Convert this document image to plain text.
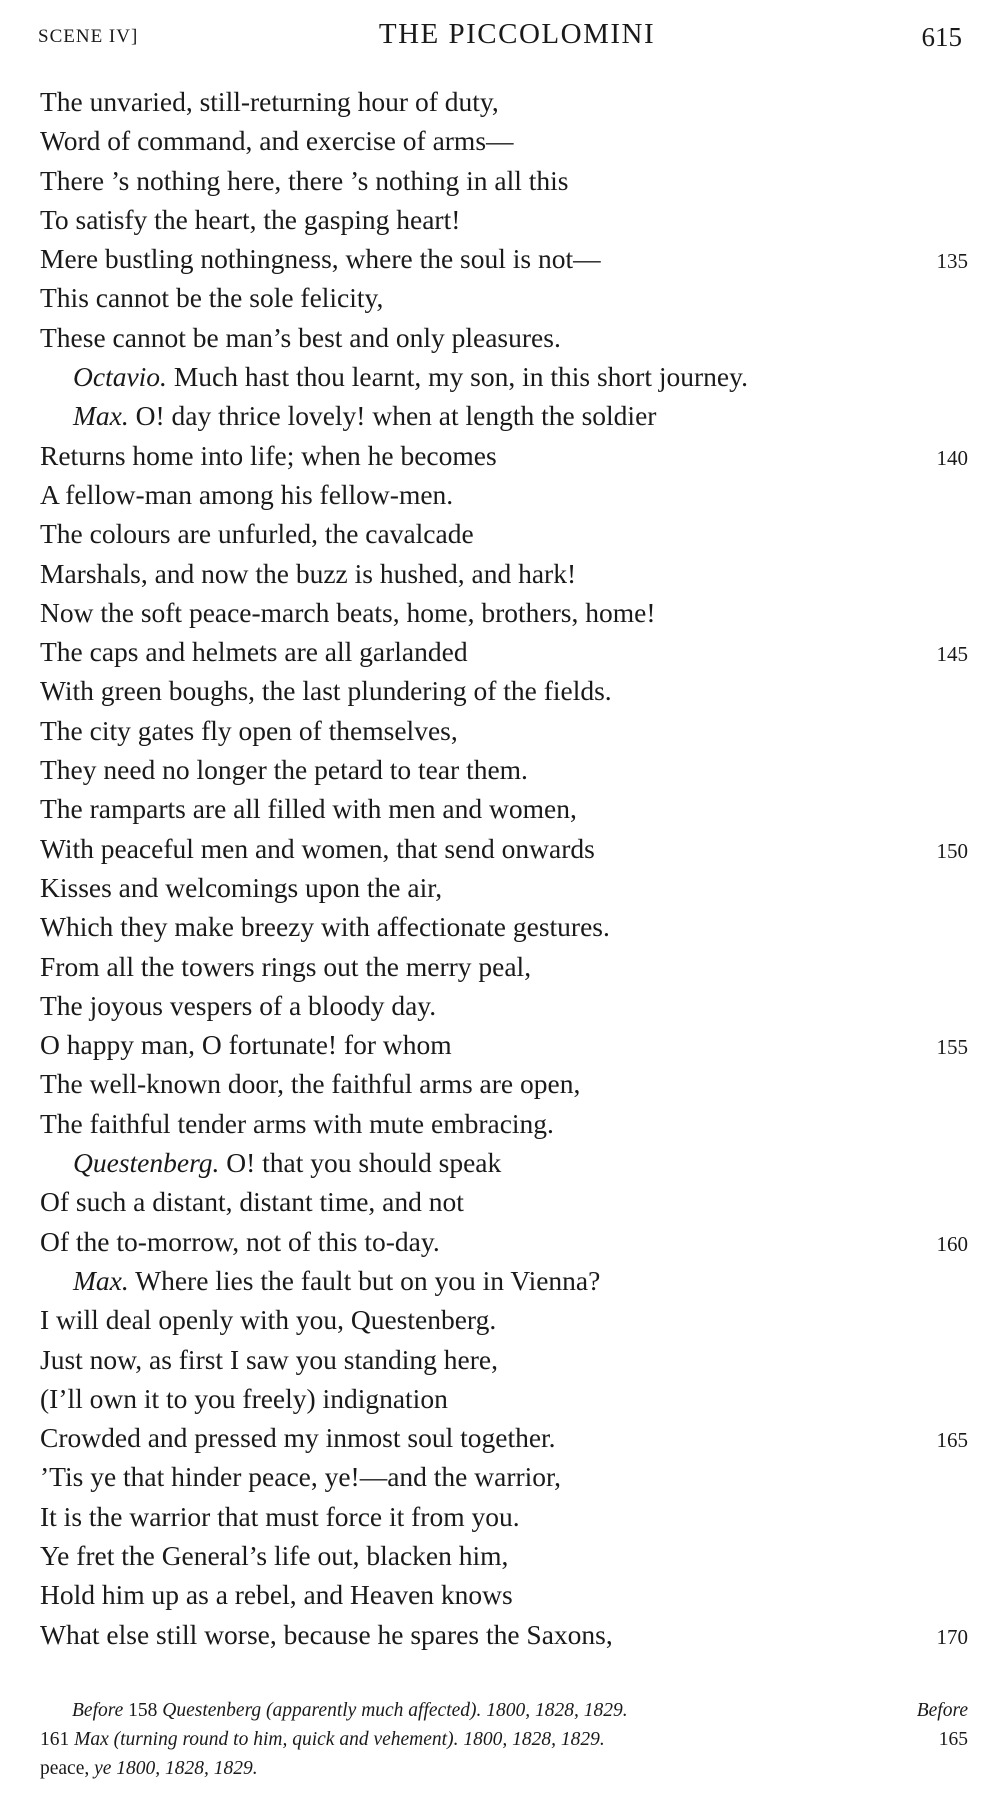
SCENE IV]	THE PICCOLOMINI	615
The unvaried, still-returning hour of duty,
Word of command, and exercise of arms—
There ’s nothing here, there ’s nothing in all this
To satisfy the heart, the gasping heart!
Mere bustling nothingness, where the soul is not—	135
This cannot be the sole felicity,
These cannot be man’s best and only pleasures.
Octavio. Much hast thou learnt, my son, in this short journey.
Max. O! day thrice lovely! when at length the soldier
Returns home into life; when he becomes	140
A fellow-man among his fellow-men.
The colours are unfurled, the cavalcade
Marshals, and now the buzz is hushed, and hark!
Now the soft peace-march beats, home, brothers, home!
The caps and helmets are all garlanded	145
With green boughs, the last plundering of the fields.
The city gates fly open of themselves,
They need no longer the petard to tear them.
The ramparts are all filled with men and women,
With peaceful men and women, that send onwards	150
Kisses and welcomings upon the air,
Which they make breezy with affectionate gestures.
From all the towers rings out the merry peal,
The joyous vespers of a bloody day.
O happy man, O fortunate! for whom	155
The well-known door, the faithful arms are open,
The faithful tender arms with mute embracing.
Questenberg. O! that you should speak
Of such a distant, distant time, and not
Of the to-morrow, not of this to-day.	160
Max. Where lies the fault but on you in Vienna?
I will deal openly with you, Questenberg.
Just now, as first I saw you standing here,
(I’ll own it to you freely) indignation
Crowded and pressed my inmost soul together.	165
’Tis ye that hinder peace, ye!—and the warrior,
It is the warrior that must force it from you.
Ye fret the General’s life out, blacken him,
Hold him up as a rebel, and Heaven knows
What else still worse, because he spares the Saxons,	170
Before 158 Questenberg (apparently much affected). 1800, 1828, 1829.	Before
161 Max (turning round to him, quick and vehement). 1800, 1828, 1829.	165
peace, ye 1800, 1828, 1829.
